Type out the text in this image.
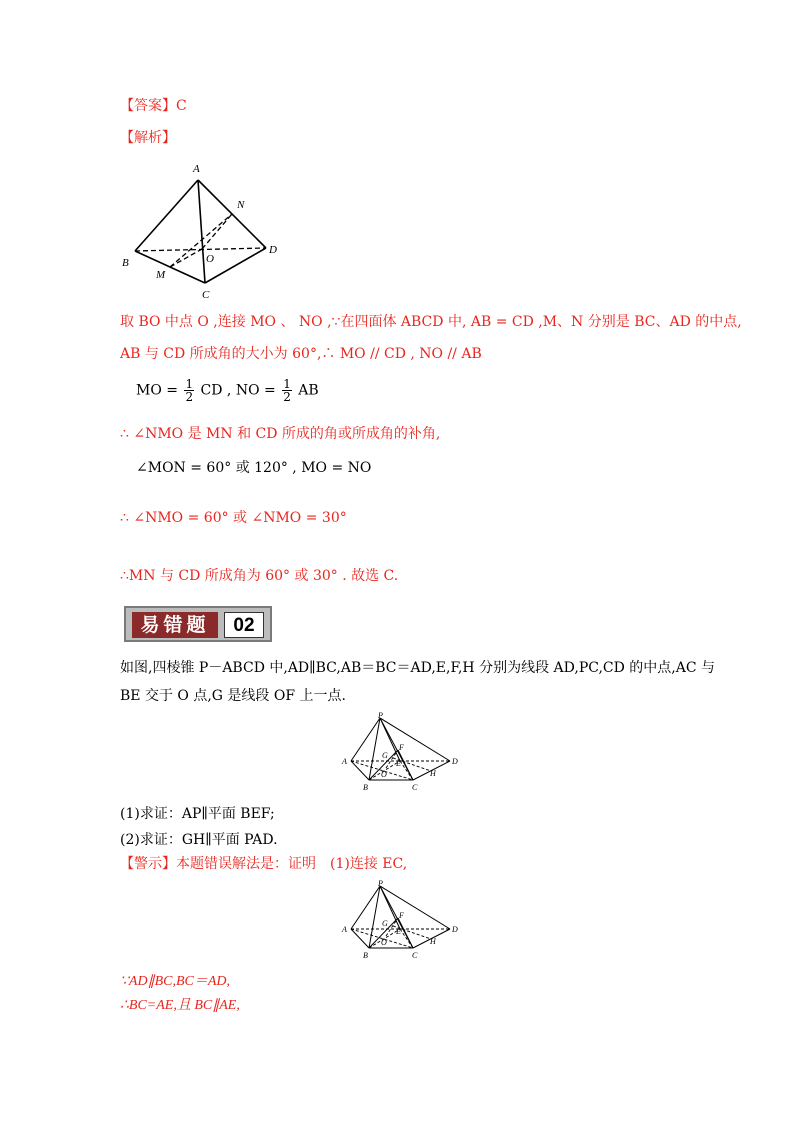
【答案】C
【解析】
A
B
C
D
M
N
O
取 BO 中点 O ,连接 MO 、 NO ,∵在四面体 ABCD 中, AB = CD ,M、N 分别是 BC、AD 的中点,
AB 与 CD 所成角的大小为 60°,∴ MO // CD , NO // AB
MO = $\frac{1}{2}$ CD , NO = $\frac{1}{2}$ AB
∴ ∠NMO 是 MN 和 CD 所成的角或所成角的补角,
∠MON = 60° 或 120° , MO = NO
∴ ∠NMO = 60° 或 ∠NMO = 30°
∴MN 与 CD 所成角为 60° 或 30° . 故选 C.
易错题	02
如图,四棱锥 P－ABCD 中,AD∥BC,AB＝BC＝AD,E,F,H 分别为线段 AD,PC,CD 的中点,AC 与
BE 交于 O 点,G 是线段 OF 上一点.
P
A
B	C
D
E
F
G
H
O
(1)求证：AP∥平面 BEF;
(2)求证：GH∥平面 PAD.
【警示】本题错误解法是：证明　(1)连接 EC,
P
A
B	C
D
E
F
G
H
O
∵AD∥BC,BC＝AD,
∴BC=AE,且 BC∥AE,
